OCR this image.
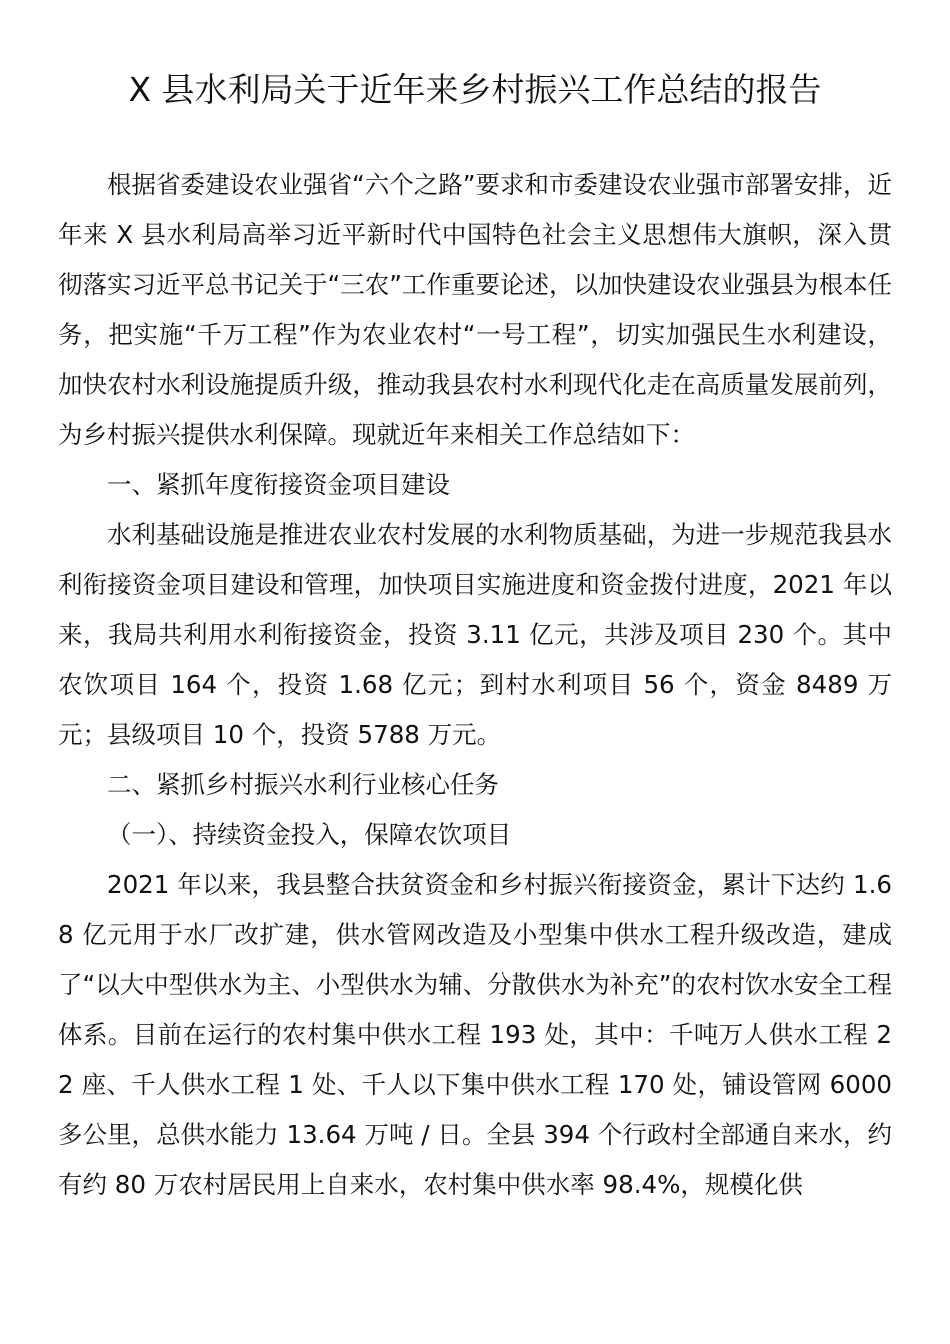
X 县水利局关于近年来乡村振兴工作总结的报告

根据省委建设农业强省“六个之路”要求和市委建设农业强市部署安排，近年来 X 县水利局高举习近平新时代中国特色社会主义思想伟大旗帜，深入贯彻落实习近平总书记关于“三农”工作重要论述，以加快建设农业强县为根本任务，把实施“千万工程”作为农业农村“一号工程”，切实加强民生水利建设，加快农村水利设施提质升级，推动我县农村水利现代化走在高质量发展前列，为乡村振兴提供水利保障。现就近年来相关工作总结如下：

一、紧抓年度衔接资金项目建设

水利基础设施是推进农业农村发展的水利物质基础，为进一步规范我县水利衔接资金项目建设和管理，加快项目实施进度和资金拨付进度，2021 年以来，我局共利用水利衔接资金，投资 3.11 亿元，共涉及项目 230 个。其中农饮项目 164 个，投资 1.68 亿元；到村水利项目 56 个，资金 8489 万元；县级项目 10 个，投资 5788 万元。

二、紧抓乡村振兴水利行业核心任务

（一）、持续资金投入，保障农饮项目

2021 年以来，我县整合扶贫资金和乡村振兴衔接资金，累计下达约 1.68 亿元用于水厂改扩建，供水管网改造及小型集中供水工程升级改造，建成了“以大中型供水为主、小型供水为辅、分散供水为补充”的农村饮水安全工程体系。目前在运行的农村集中供水工程 193 处，其中：千吨万人供水工程 22 座、千人供水工程 1 处、千人以下集中供水工程 170 处，铺设管网 6000 多公里，总供水能力 13.64 万吨 / 日。全县 394 个行政村全部通自来水，约有约 80 万农村居民用上自来水，农村集中供水率 98.4%，规模化供
